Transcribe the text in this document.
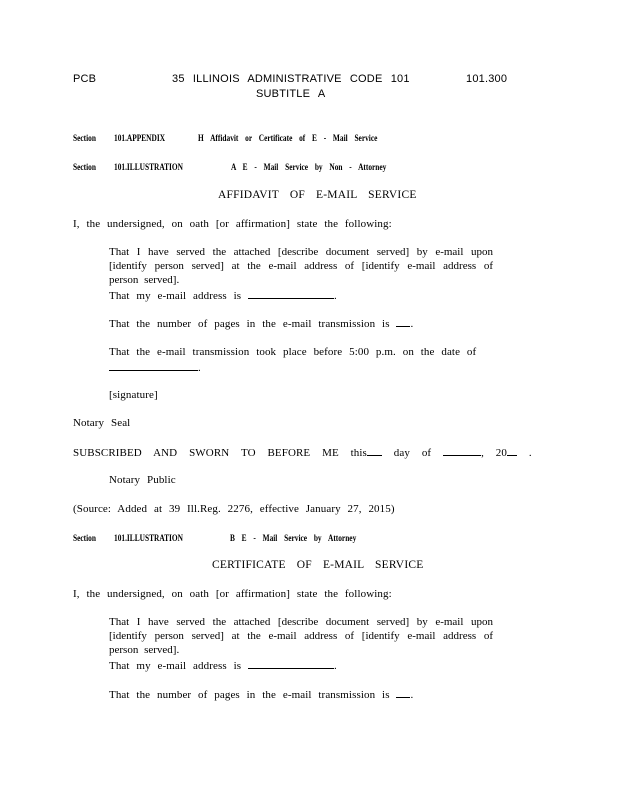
PCB	35 ILLINOIS ADMINISTRATIVE CODE 101	101.300
SUBTITLE A
Section 101.APPENDIX	H Affidavit or Certificate of E - Mail Service
Section 101.ILLUSTRATION	A E - Mail Service by Non - Attorney
AFFIDAVIT OF E-MAIL SERVICE
I, the undersigned, on oath [or affirmation] state the following:
That I have served the attached [describe document served] by e-mail upon [identify person served] at the e-mail address of [identify e-mail address of person served].
That my e-mail address is	.
That the number of pages in the e-mail transmission is .
That the e-mail transmission took place before 5:00 p.m. on the date of
.
[signature]
Notary Seal
SUBSCRIBED AND SWORN TO BEFORE ME this day of	, 20 .
Notary Public
(Source: Added at 39 Ill.Reg. 2276, effective January 27, 2015)
Section 101.ILLUSTRATION	B E - Mail Service by Attorney
CERTIFICATE OF E-MAIL SERVICE
I, the undersigned, on oath [or affirmation] state the following:
That I have served the attached [describe document served] by e-mail upon [identify person served] at the e-mail address of [identify e-mail address of person served].
That my e-mail address is	.
That the number of pages in the e-mail transmission is .
